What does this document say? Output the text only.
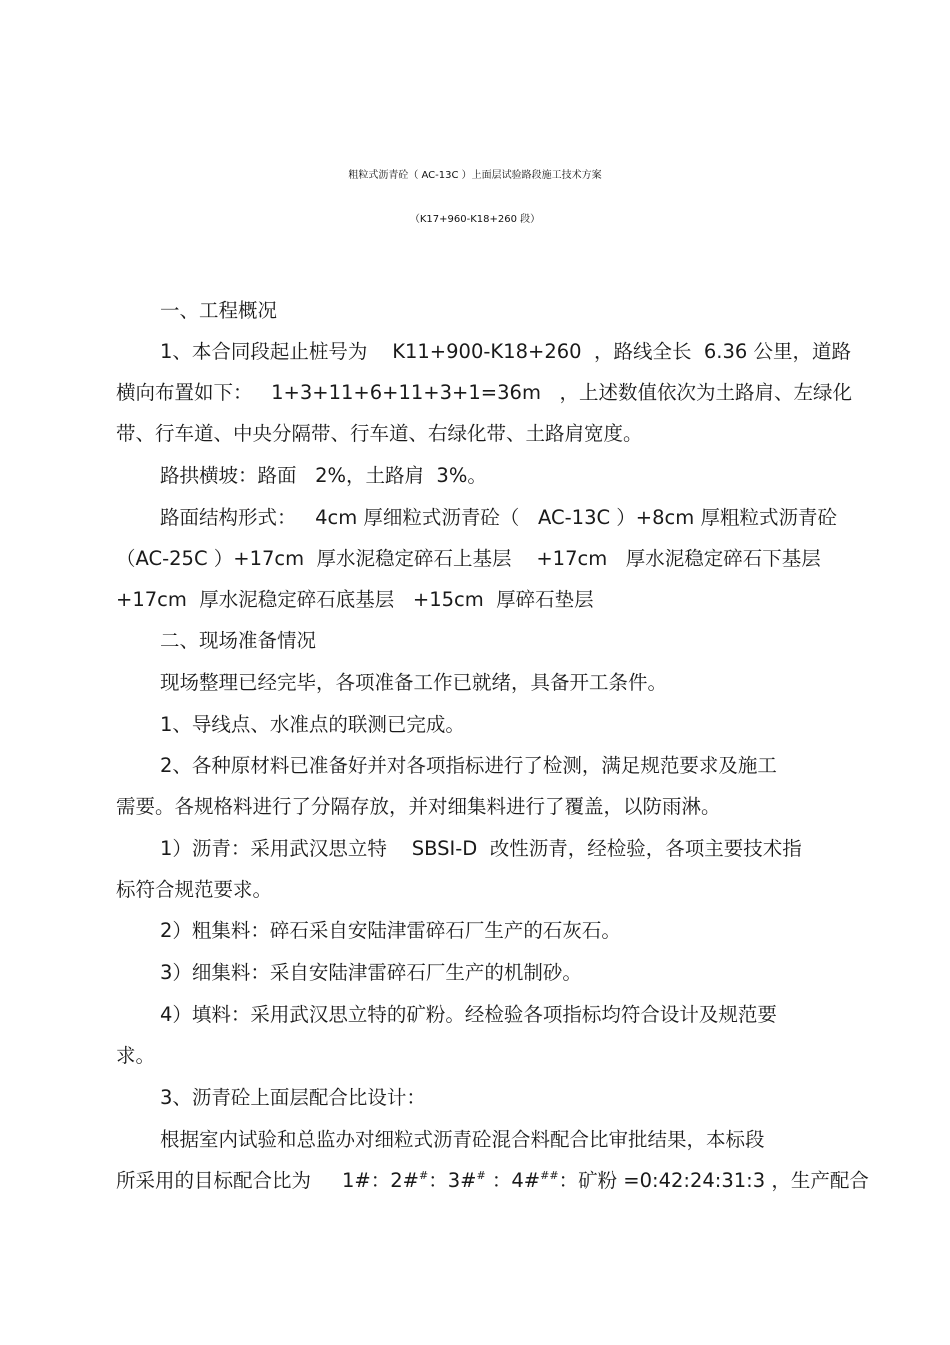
粗粒式沥青砼（ AC-13C ）上面层试验路段施工技术方案
（K17+960-K18+260 段）
一、工程概况
1、本合同段起止桩号为    K11+900-K18+260  ，路线全长  6.36 公里，道路
横向布置如下：   1+3+11+6+11+3+1=36m   ，上述数值依次为土路肩、左绿化
带、行车道、中央分隔带、行车道、右绿化带、土路肩宽度。
路拱横坡：路面   2%，土路肩  3%。
路面结构形式：   4cm 厚细粒式沥青砼（   AC-13C ）+8cm 厚粗粒式沥青砼
（AC-25C ）+17cm  厚水泥稳定碎石上基层    +17cm   厚水泥稳定碎石下基层
+17cm  厚水泥稳定碎石底基层   +15cm  厚碎石垫层
二、现场准备情况
现场整理已经完毕，各项准备工作已就绪，具备开工条件。
1、导线点、水准点的联测已完成。
2、各种原材料已准备好并对各项指标进行了检测，满足规范要求及施工
需要。各规格料进行了分隔存放，并对细集料进行了覆盖，以防雨淋。
1）沥青：采用武汉思立特    SBSI-D  改性沥青，经检验，各项主要技术指
标符合规范要求。
2）粗集料：碎石采自安陆津雷碎石厂生产的石灰石。
3）细集料：采自安陆津雷碎石厂生产的机制砂。
4）填料：采用武汉思立特的矿粉。经检验各项指标均符合设计及规范要
求。
3、沥青砼上面层配合比设计：
根据室内试验和总监办对细粒式沥青砼混合料配合比审批结果，本标段
所采用的目标配合比为     1#：2##：3## ：4###：矿粉 =0:42:24:31:3 ，生产配合
